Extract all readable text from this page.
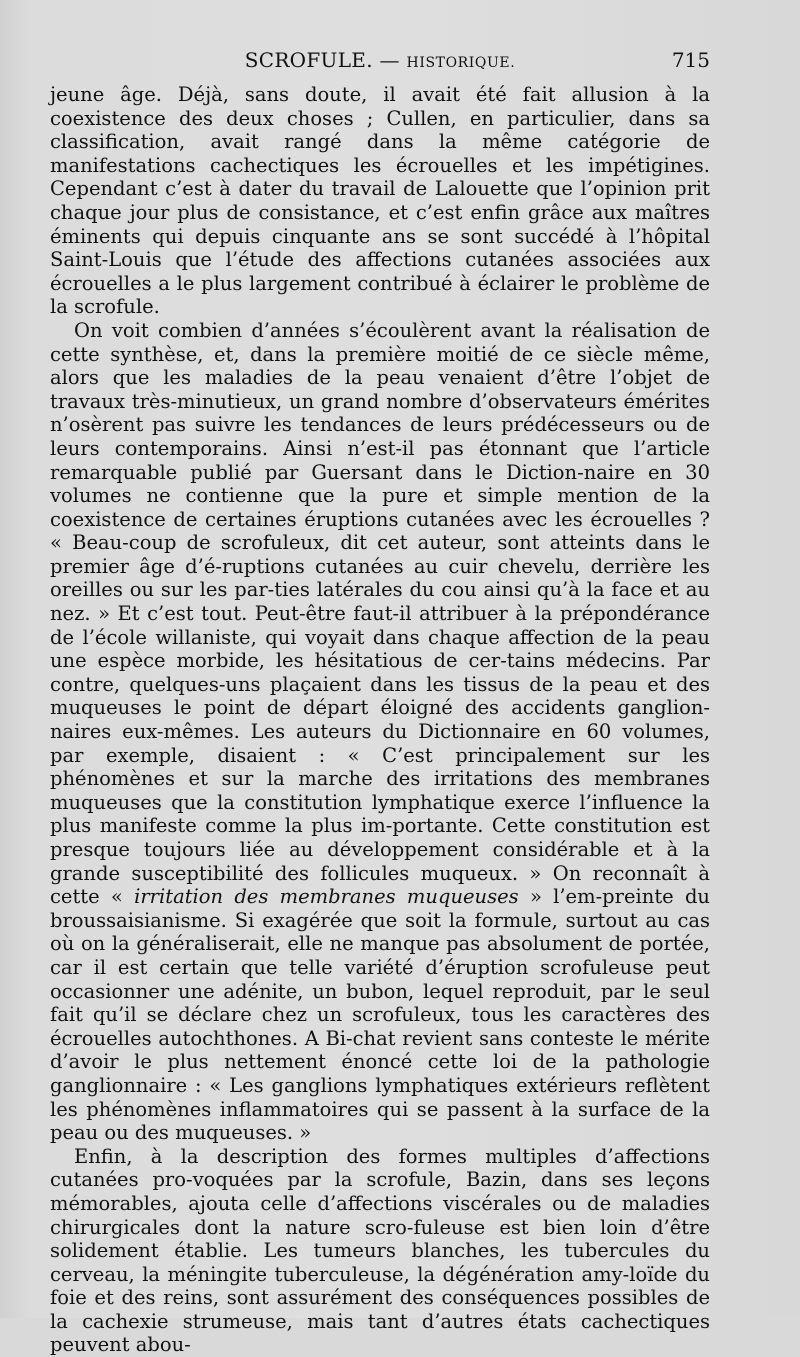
SCROFULE. — HISTORIQUE.	715

jeune âge. Déjà, sans doute, il avait été fait allusion à la coexistence des deux choses ; Cullen, en particulier, dans sa classification, avait rangé dans la même catégorie de manifestations cachectiques les écrouelles et les impétigines. Cependant c’est à dater du travail de Lalouette que l’opinion prit chaque jour plus de consistance, et c’est enfin grâce aux maîtres éminents qui depuis cinquante ans se sont succédé à l’hôpital Saint-Louis que l’étude des affections cutanées associées aux écrouelles a le plus largement contribué à éclairer le problème de la scrofule.

On voit combien d’années s’écoulèrent avant la réalisation de cette synthèse, et, dans la première moitié de ce siècle même, alors que les maladies de la peau venaient d’être l’objet de travaux très-minutieux, un grand nombre d’observateurs émérites n’osèrent pas suivre les tendances de leurs prédécesseurs ou de leurs contemporains. Ainsi n’est-il pas étonnant que l’article remarquable publié par Guersant dans le Diction-naire en 30 volumes ne contienne que la pure et simple mention de la coexistence de certaines éruptions cutanées avec les écrouelles ? « Beau-coup de scrofuleux, dit cet auteur, sont atteints dans le premier âge d’é-ruptions cutanées au cuir chevelu, derrière les oreilles ou sur les par-ties latérales du cou ainsi qu’à la face et au nez. » Et c’est tout. Peut-être faut-il attribuer à la prépondérance de l’école willaniste, qui voyait dans chaque affection de la peau une espèce morbide, les hésitatious de cer-tains médecins. Par contre, quelques-uns plaçaient dans les tissus de la peau et des muqueuses le point de départ éloigné des accidents ganglion-naires eux-mêmes. Les auteurs du Dictionnaire en 60 volumes, par exemple, disaient : « C’est principalement sur les phénomènes et sur la marche des irritations des membranes muqueuses que la constitution lymphatique exerce l’influence la plus manifeste comme la plus im-portante. Cette constitution est presque toujours liée au développement considérable et à la grande susceptibilité des follicules muqueux. » On reconnaît à cette « irritation des membranes muqueuses » l’em-preinte du broussaisianisme. Si exagérée que soit la formule, surtout au cas où on la généraliserait, elle ne manque pas absolument de portée, car il est certain que telle variété d’éruption scrofuleuse peut occasionner une adénite, un bubon, lequel reproduit, par le seul fait qu’il se déclare chez un scrofuleux, tous les caractères des écrouelles autochthones. A Bi-chat revient sans conteste le mérite d’avoir le plus nettement énoncé cette loi de la pathologie ganglionnaire : « Les ganglions lymphatiques extérieurs reflètent les phénomènes inflammatoires qui se passent à la surface de la peau ou des muqueuses. »

Enfin, à la description des formes multiples d’affections cutanées pro-voquées par la scrofule, Bazin, dans ses leçons mémorables, ajouta celle d’affections viscérales ou de maladies chirurgicales dont la nature scro-fuleuse est bien loin d’être solidement établie. Les tumeurs blanches, les tubercules du cerveau, la méningite tuberculeuse, la dégénération amy-loïde du foie et des reins, sont assurément des conséquences possibles de la cachexie strumeuse, mais tant d’autres états cachectiques peuvent abou-
